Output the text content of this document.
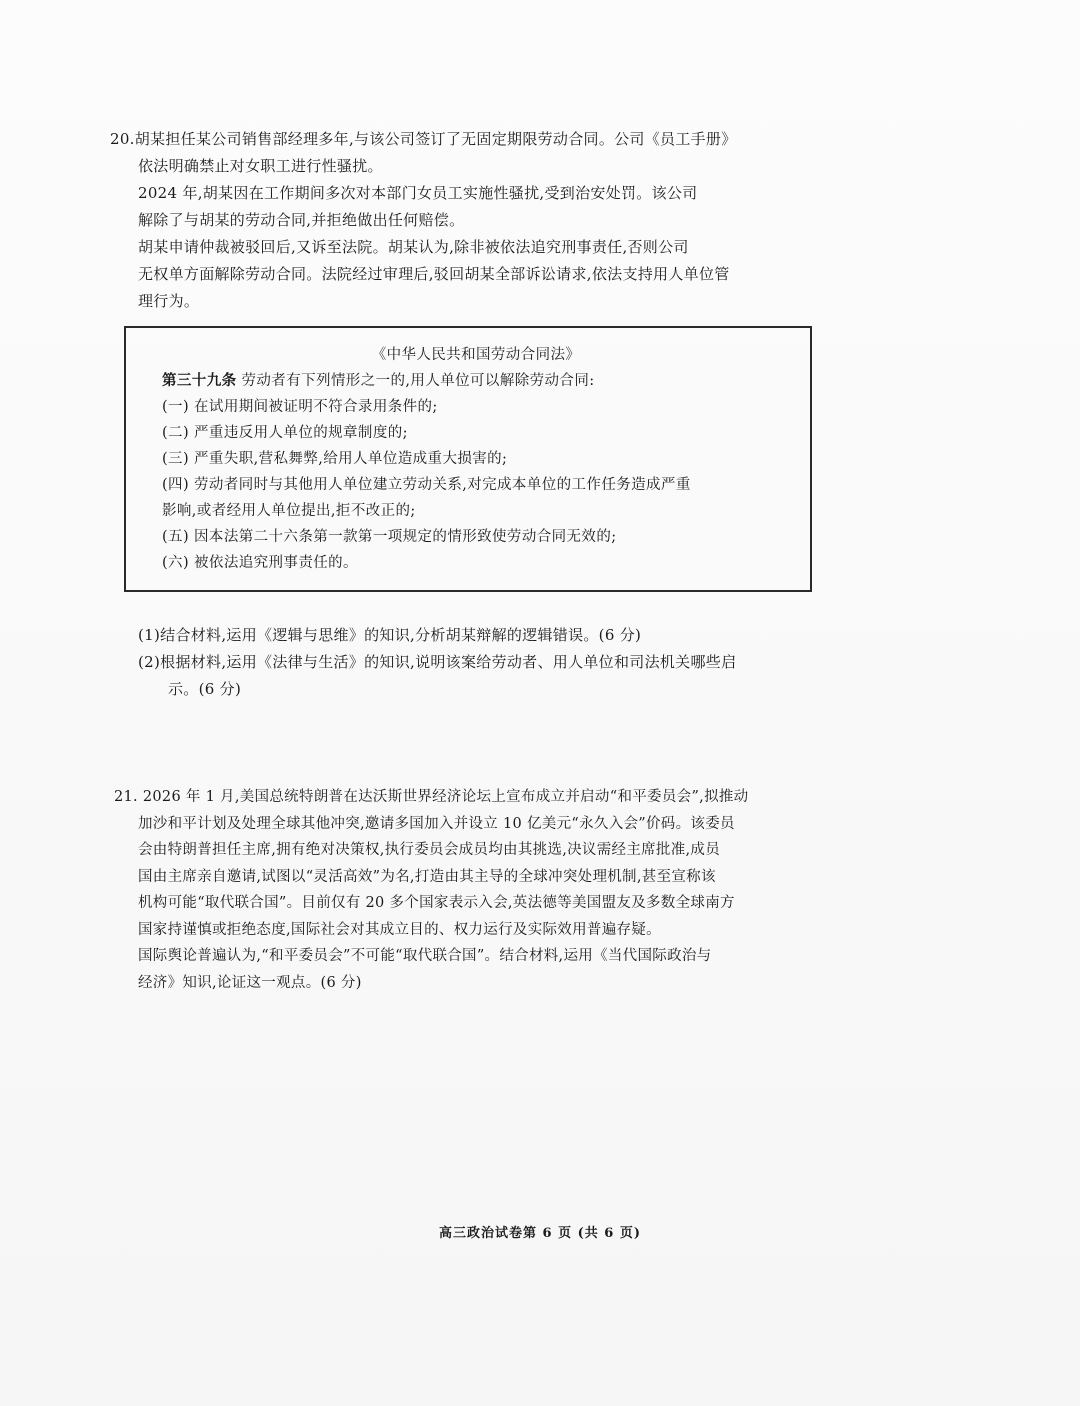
20.胡某担任某公司销售部经理多年,与该公司签订了无固定期限劳动合同。公司《员工手册》

依法明确禁止对女职工进行性骚扰。

2024 年,胡某因在工作期间多次对本部门女员工实施性骚扰,受到治安处罚。该公司

解除了与胡某的劳动合同,并拒绝做出任何赔偿。

胡某申请仲裁被驳回后,又诉至法院。胡某认为,除非被依法追究刑事责任,否则公司

无权单方面解除劳动合同。法院经过审理后,驳回胡某全部诉讼请求,依法支持用人单位管

理行为。

《中华人民共和国劳动合同法》

第三十九条 劳动者有下列情形之一的,用人单位可以解除劳动合同:

(一) 在试用期间被证明不符合录用条件的;

(二) 严重违反用人单位的规章制度的;

(三) 严重失职,营私舞弊,给用人单位造成重大损害的;

(四) 劳动者同时与其他用人单位建立劳动关系,对完成本单位的工作任务造成严重

影响,或者经用人单位提出,拒不改正的;

(五) 因本法第二十六条第一款第一项规定的情形致使劳动合同无效的;

(六) 被依法追究刑事责任的。

(1)结合材料,运用《逻辑与思维》的知识,分析胡某辩解的逻辑错误。(6 分)

(2)根据材料,运用《法律与生活》的知识,说明该案给劳动者、用人单位和司法机关哪些启

示。(6 分)

21. 2026 年 1 月,美国总统特朗普在达沃斯世界经济论坛上宣布成立并启动“和平委员会”,拟推动

加沙和平计划及处理全球其他冲突,邀请多国加入并设立 10 亿美元“永久入会”价码。该委员

会由特朗普担任主席,拥有绝对决策权,执行委员会成员均由其挑选,决议需经主席批准,成员

国由主席亲自邀请,试图以“灵活高效”为名,打造由其主导的全球冲突处理机制,甚至宣称该

机构可能“取代联合国”。目前仅有 20 多个国家表示入会,英法德等美国盟友及多数全球南方

国家持谨慎或拒绝态度,国际社会对其成立目的、权力运行及实际效用普遍存疑。

国际舆论普遍认为,“和平委员会”不可能“取代联合国”。结合材料,运用《当代国际政治与

经济》知识,论证这一观点。(6 分)

高三政治试卷第 6 页 (共 6 页)
